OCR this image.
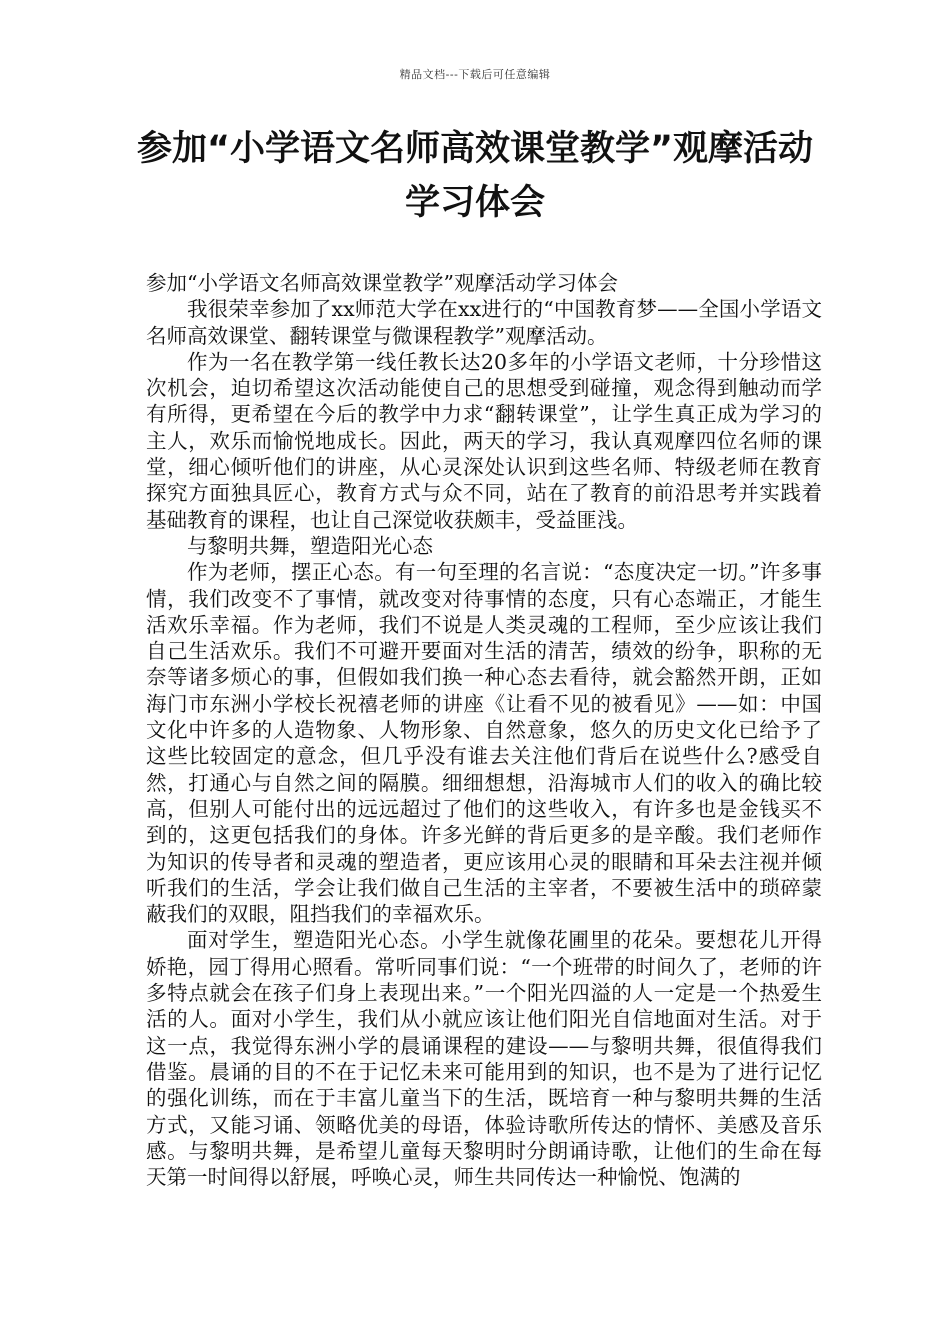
精品文档---下载后可任意编辑
参加“小学语文名师高效课堂教学”观摩活动学习体会

参加“小学语文名师高效课堂教学”观摩活动学习体会

我很荣幸参加了xx师范大学在xx进行的“中国教育梦——全国小学语文名师高效课堂、翻转课堂与微课程教学”观摩活动。

作为一名在教学第一线任教长达20多年的小学语文老师，十分珍惜这次机会，迫切希望这次活动能使自己的思想受到碰撞，观念得到触动而学有所得，更希望在今后的教学中力求“翻转课堂”，让学生真正成为学习的主人，欢乐而愉悦地成长。因此，两天的学习，我认真观摩四位名师的课堂，细心倾听他们的讲座，从心灵深处认识到这些名师、特级老师在教育探究方面独具匠心，教育方式与众不同，站在了教育的前沿思考并实践着基础教育的课程，也让自己深觉收获颇丰，受益匪浅。

与黎明共舞，塑造阳光心态

作为老师，摆正心态。有一句至理的名言说：“态度决定一切。”许多事情，我们改变不了事情，就改变对待事情的态度，只有心态端正，才能生活欢乐幸福。作为老师，我们不说是人类灵魂的工程师，至少应该让我们自己生活欢乐。我们不可避开要面对生活的清苦，绩效的纷争，职称的无奈等诸多烦心的事，但假如我们换一种心态去看待，就会豁然开朗，正如海门市东洲小学校长祝禧老师的讲座《让看不见的被看见》——如：中国文化中许多的人造物象、人物形象、自然意象，悠久的历史文化已给予了这些比较固定的意念，但几乎没有谁去关注他们背后在说些什么?感受自然，打通心与自然之间的隔膜。细细想想，沿海城市人们的收入的确比较高，但别人可能付出的远远超过了他们的这些收入，有许多也是金钱买不到的，这更包括我们的身体。许多光鲜的背后更多的是辛酸。我们老师作为知识的传导者和灵魂的塑造者，更应该用心灵的眼睛和耳朵去注视并倾听我们的生活，学会让我们做自己生活的主宰者，不要被生活中的琐碎蒙蔽我们的双眼，阻挡我们的幸福欢乐。

面对学生，塑造阳光心态。小学生就像花圃里的花朵。要想花儿开得娇艳，园丁得用心照看。常听同事们说：“一个班带的时间久了，老师的许多特点就会在孩子们身上表现出来。”一个阳光四溢的人一定是一个热爱生活的人。面对小学生，我们从小就应该让他们阳光自信地面对生活。对于这一点，我觉得东洲小学的晨诵课程的建设——与黎明共舞，很值得我们借鉴。晨诵的目的不在于记忆未来可能用到的知识，也不是为了进行记忆的强化训练，而在于丰富儿童当下的生活，既培育一种与黎明共舞的生活方式，又能习诵、领略优美的母语，体验诗歌所传达的情怀、美感及音乐感。与黎明共舞，是希望儿童每天黎明时分朗诵诗歌，让他们的生命在每天第一时间得以舒展，呼唤心灵，师生共同传达一种愉悦、饱满的
